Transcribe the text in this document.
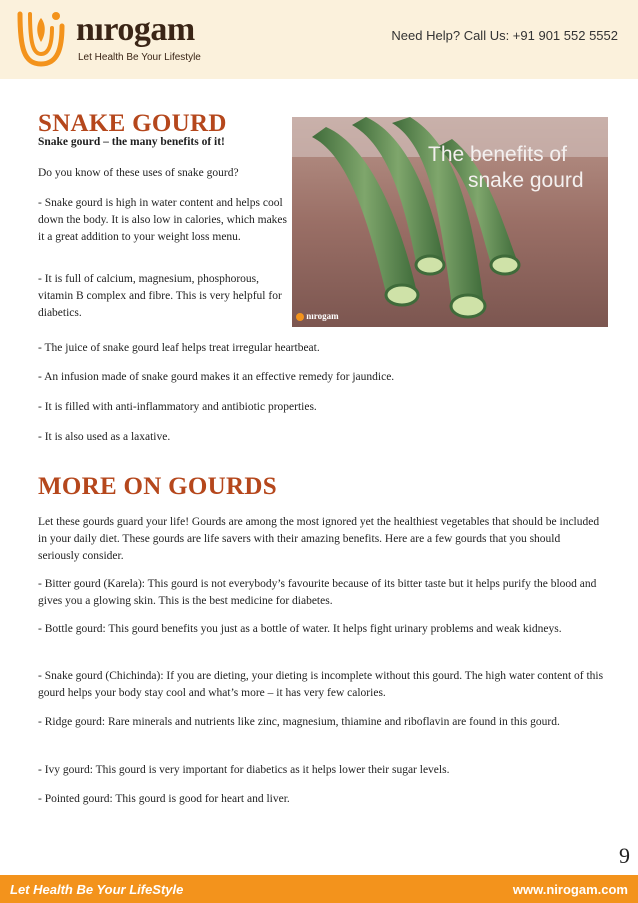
nırogam
Let Health Be Your Lifestyle
Need Help? Call Us: +91 901 552 5552
SNAKE GOURD
Snake gourd – the many benefits of it!

Do you know of these uses of snake gourd?

- Snake gourd is high in water content and helps cool down the body. It is also low in calories, which makes it a great addition to your weight loss menu.

- It is full of calcium, magnesium, phosphorous, vitamin B complex and fibre. This is very helpful for diabetics.

- The juice of snake gourd leaf helps treat irregular heartbeat.

- An infusion made of snake gourd makes it an effective remedy for jaundice.

- It is filled with anti-inflammatory and antibiotic properties.

- It is also used as a laxative.

The benefits of
snake gourd
nırogam
MORE ON GOURDS

Let these gourds guard your life! Gourds are among the most ignored yet the healthiest vegetables that should be included in your daily diet. These gourds are life savers with their amazing benefits. Here are a few gourds that you should seriously consider.

- Bitter gourd (Karela): This gourd is not everybody’s favourite because of its bitter taste but it helps purify the blood and gives you a glowing skin. This is the best medicine for diabetes.

- Bottle gourd: This gourd benefits you just as a bottle of water. It helps fight urinary problems and weak kidneys.

- Snake gourd (Chichinda): If you are dieting, your dieting is incomplete without this gourd. The high water content of this gourd helps your body stay cool and what’s more – it has very few calories.

- Ridge gourd: Rare minerals and nutrients like zinc, magnesium, thiamine and riboflavin are found in this gourd.

- Ivy gourd: This gourd is very important for diabetics as it helps lower their sugar levels.

- Pointed gourd: This gourd is good for heart and liver.

9
Let Health Be Your LifeStyle	www.nirogam.com
